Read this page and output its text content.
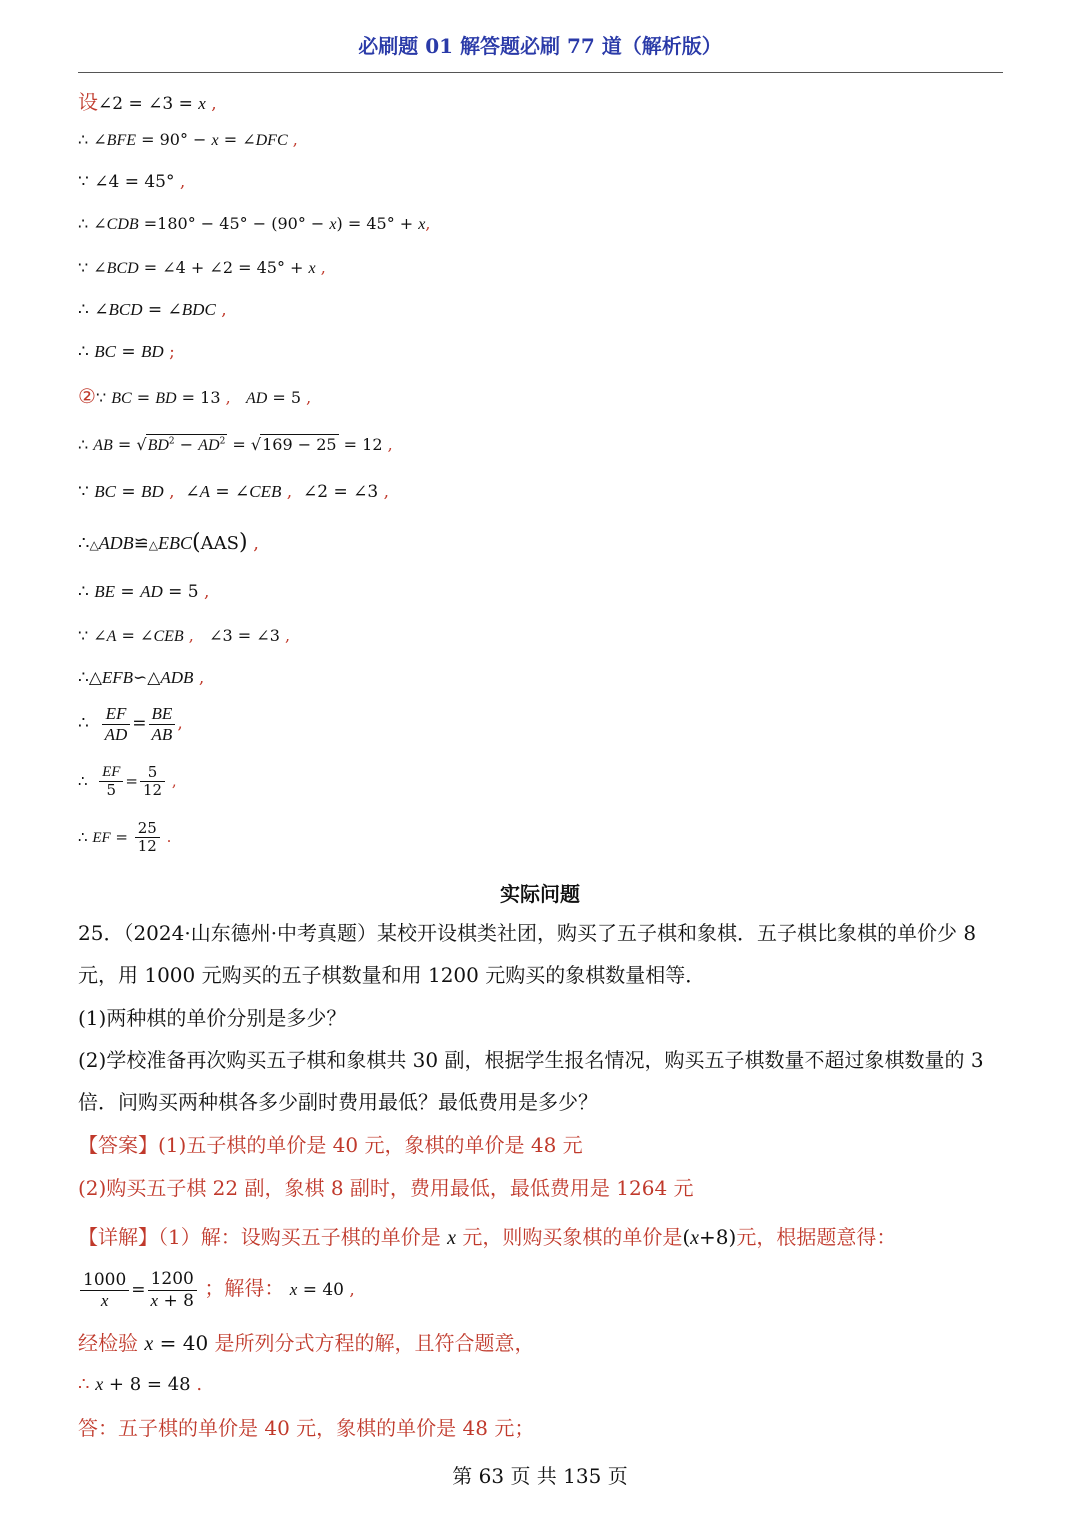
必刷题 01 解答题必刷 77 道（解析版）
设∠2 = ∠3 = x ,
∴ ∠BFE = 90° − x = ∠DFC ,
∵ ∠4 = 45° ,
∴ ∠CDB =180° − 45° − (90° − x) = 45° + x,
∵ ∠BCD = ∠4 + ∠2 = 45° + x ,
∴ ∠BCD = ∠BDC ,
∴ BC = BD ;
②∵ BC = BD = 13 , AD = 5 ,
∴ AB = $√BD^2 - AD^2 = √169 - 25 = 12$ ,
∵ BC = BD , ∠A = ∠CEB , ∠2 = ∠3 ,
∴△ADB≌△EBC(AAS) ,
∴ BE = AD = 5 ,
∵ ∠A = ∠CEB , ∠3 = ∠3 ,
∴△EFB∽△ADB ,
∴ $\frac{EF}{AD} = \frac{BE}{AB}$ ,
∴ $\frac{EF}{5} = \frac{5}{12}$ ,
∴ EF = $\frac{25}{12}$ .
实际问题
25．（2024·山东德州·中考真题）某校开设棋类社团，购买了五子棋和象棋．五子棋比象棋的单价少 8 元，用 1000 元购买的五子棋数量和用 1200 元购买的象棋数量相等．
(1)两种棋的单价分别是多少？
(2)学校准备再次购买五子棋和象棋共 30 副，根据学生报名情况，购买五子棋数量不超过象棋数量的 3 倍．问购买两种棋各多少副时费用最低？最低费用是多少？
【答案】(1)五子棋的单价是 40 元，象棋的单价是 48 元
(2)购买五子棋 22 副，象棋 8 副时，费用最低，最低费用是 1264 元
【详解】（1）解：设购买五子棋的单价是 x 元，则购买象棋的单价是(x+8)元，根据题意得：
$\frac{1000}{x} = \frac{1200}{x + 8}$ ；解得： x = 40 ,
经检验 x = 40 是所列分式方程的解，且符合题意，
∴ x + 8 = 48 .
答：五子棋的单价是 40 元，象棋的单价是 48 元；
第 63 页 共 135 页
